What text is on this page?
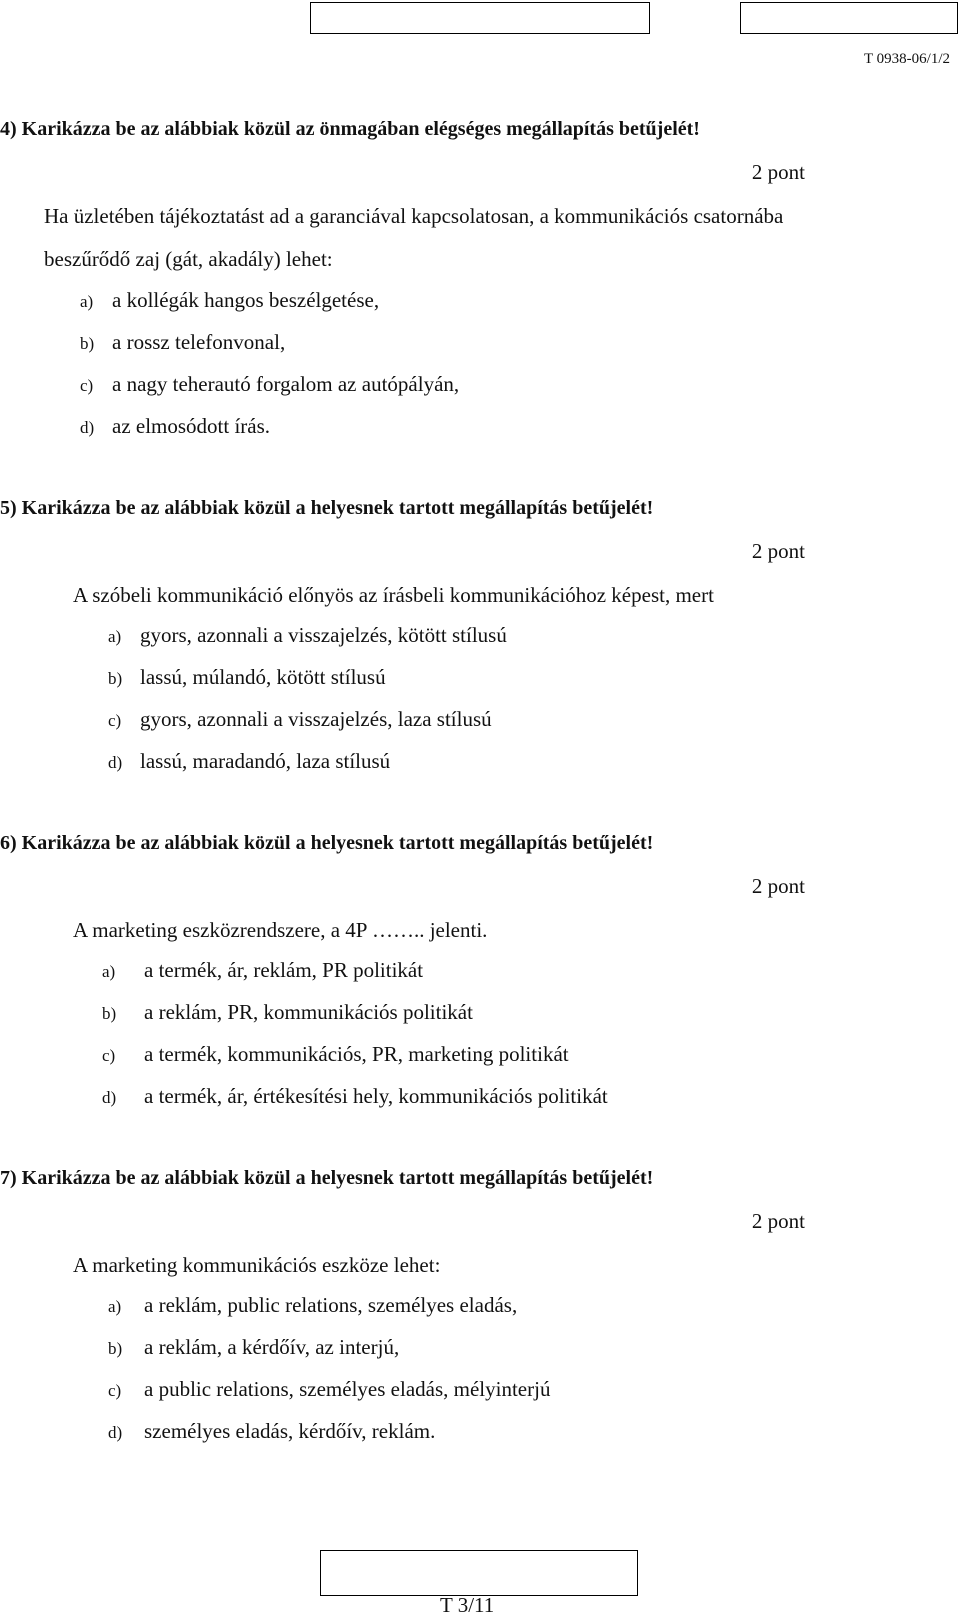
T 0938-06/1/2
4) Karikázza be az alábbiak közül az önmagában elégséges megállapítás betűjelét!
2 pont
Ha üzletében tájékoztatást ad a garanciával kapcsolatosan, a kommunikációs csatornába
beszűrődő zaj (gát, akadály) lehet:
a) a kollégák hangos beszélgetése,
b) a rossz telefonvonal,
c) a nagy teherautó forgalom az autópályán,
d) az elmosódott írás.
5) Karikázza be az alábbiak közül a helyesnek tartott megállapítás betűjelét!
2 pont
A szóbeli kommunikáció előnyös az írásbeli kommunikációhoz képest, mert
a) gyors, azonnali a visszajelzés, kötött stílusú
b) lassú, múlandó, kötött stílusú
c) gyors, azonnali a visszajelzés, laza stílusú
d) lassú, maradandó, laza stílusú
6) Karikázza be az alábbiak közül a helyesnek tartott megállapítás betűjelét!
2 pont
A marketing eszközrendszere, a 4P …….. jelenti.
a) a termék, ár, reklám, PR politikát
b) a reklám, PR, kommunikációs politikát
c) a termék, kommunikációs, PR, marketing politikát
d) a termék, ár, értékesítési hely, kommunikációs politikát
7) Karikázza be az alábbiak közül a helyesnek tartott megállapítás betűjelét!
2 pont
A marketing kommunikációs eszköze lehet:
a) a reklám, public relations, személyes eladás,
b) a reklám, a kérdőív, az interjú,
c) a public relations, személyes eladás, mélyinterjú
d) személyes eladás, kérdőív, reklám.
T 3/11
